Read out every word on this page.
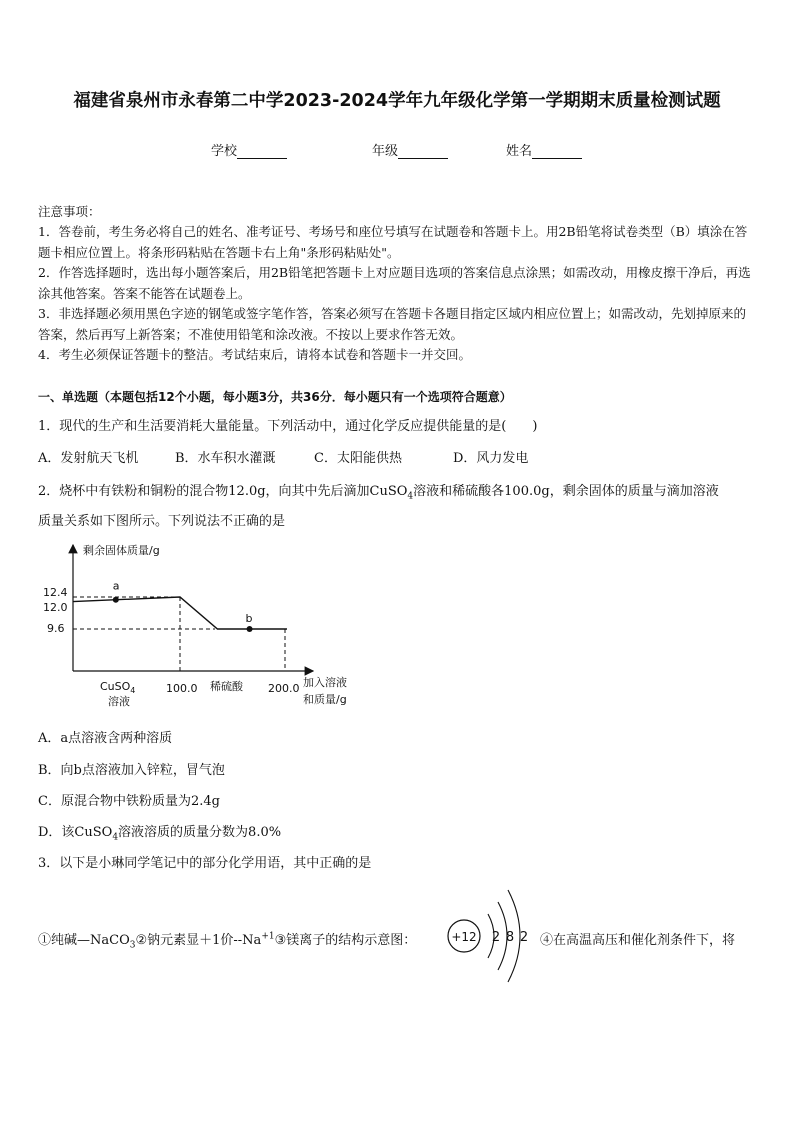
福建省泉州市永春第二中学2023-2024学年九年级化学第一学期期末质量检测试题
学校	年级	姓名
注意事项：
1．答卷前，考生务必将自己的姓名、准考证号、考场号和座位号填写在试题卷和答题卡上。用2B铅笔将试卷类型（B）填涂在答题卡相应位置上。将条形码粘贴在答题卡右上角"条形码粘贴处"。
2．作答选择题时，选出每小题答案后，用2B铅笔把答题卡上对应题目选项的答案信息点涂黑；如需改动，用橡皮擦干净后，再选涂其他答案。答案不能答在试题卷上。
3．非选择题必须用黑色字迹的钢笔或签字笔作答，答案必须写在答题卡各题目指定区域内相应位置上；如需改动，先划掉原来的答案，然后再写上新答案；不准使用铅笔和涂改液。不按以上要求作答无效。
4．考生必须保证答题卡的整洁。考试结束后，请将本试卷和答题卡一并交回。
一、单选题（本题包括12个小题，每小题3分，共36分．每小题只有一个选项符合题意）
1．现代的生产和生活要消耗大量能量。下列活动中，通过化学反应提供能量的是(　　)
A．发射航天飞机	B．水车积水灌溉	C．太阳能供热	D．风力发电
2．烧杯中有铁粉和铜粉的混合物12.0g，向其中先后滴加CuSO$_4$溶液和稀硫酸各100.0g，剩余固体的质量与滴加溶液
质量关系如下图所示。下列说法不正确的是
剩余固体质量/g
12.4
12.0
9.6
a
b
100.0	200.0
CuSO$_4$
溶液
稀硫酸	加入溶液
和质量/g
A．a点溶液含两种溶质
B．向b点溶液加入锌粒，冒气泡
C．原混合物中铁粉质量为2.4g
D．该CuSO$_4$溶液溶质的质量分数为8.0%
3．以下是小琳同学笔记中的部分化学用语，其中正确的是
①纯碱—NaCO$_3$②钠元素显＋1价$--Na^{+1}③$镁离子的结构示意图：	+12 2 8 2 ④在高温高压和催化剂条件下，将
